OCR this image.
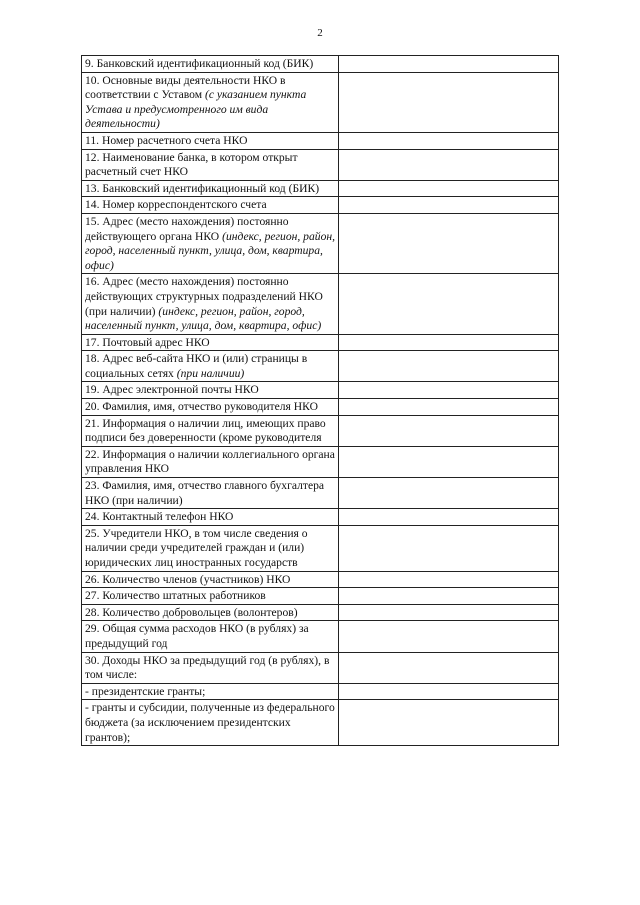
2
9. Банковский идентификационный код (БИК)	
10. Основные виды деятельности НКО в соответствии с Уставом (с указанием пункта Устава и предусмотренного им вида деятельности)	
11. Номер расчетного счета НКО	
12. Наименование банка, в котором открыт расчетный счет НКО	
13. Банковский идентификационный код (БИК)	
14. Номер корреспондентского счета	
15. Адрес (место нахождения) постоянно действующего органа НКО (индекс, регион, район, город, населенный пункт, улица, дом, квартира, офис)	
16. Адрес (место нахождения) постоянно действующих структурных подразделений НКО (при наличии) (индекс, регион, район, город, населенный пункт, улица, дом, квартира, офис)	
17. Почтовый адрес НКО	
18. Адрес веб-сайта НКО и (или) страницы в социальных сетях (при наличии)	
19. Адрес электронной почты НКО	
20. Фамилия, имя, отчество руководителя НКО	
21. Информация о наличии лиц, имеющих право подписи без доверенности (кроме руководителя	
22. Информация о наличии коллегиального органа управления НКО	
23. Фамилия, имя, отчество главного бухгалтера НКО (при наличии)	
24. Контактный телефон НКО	
25. Учредители НКО, в том числе сведения о наличии среди учредителей граждан и (или) юридических лиц иностранных государств	
26. Количество членов (участников) НКО	
27. Количество штатных работников	
28. Количество добровольцев (волонтеров)	
29. Общая сумма расходов НКО (в рублях) за предыдущий год	
30. Доходы НКО за предыдущий год (в рублях), в том числе:	
- президентские гранты;	
- гранты и субсидии, полученные из федерального бюджета (за исключением президентских грантов);	
